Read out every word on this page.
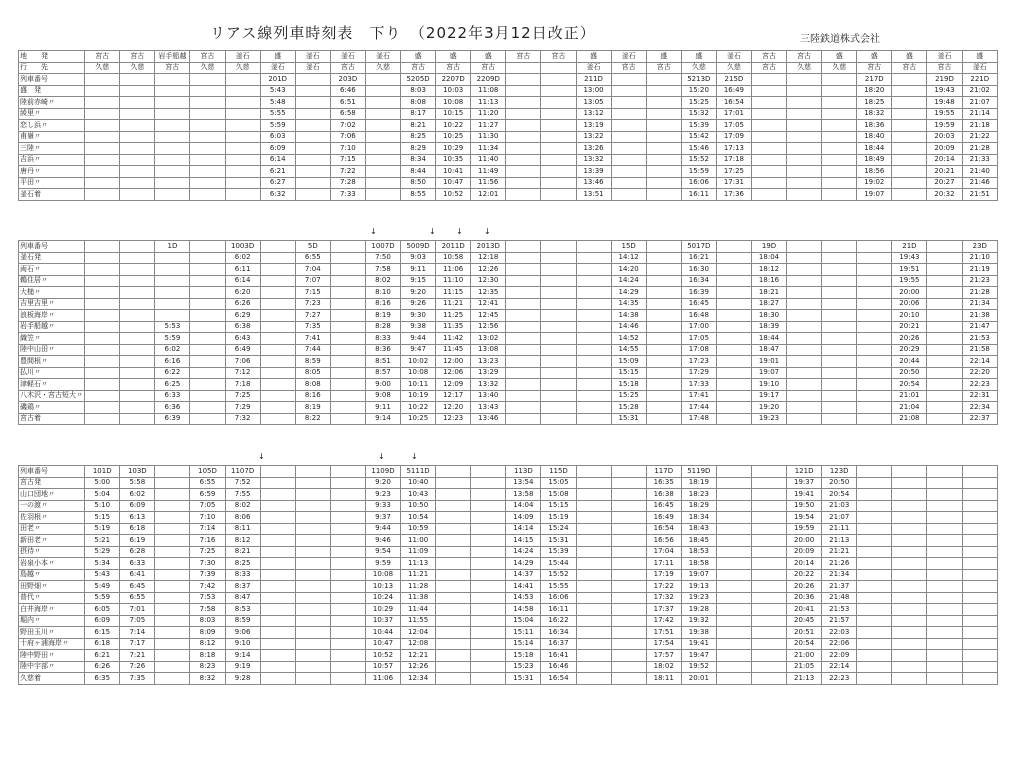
リアス線列車時刻表　下り　（2022年3月12日改正）	三陸鉄道株式会社
地　　発	宮古	宮古	岩手船越	宮古	釜石	盛	釜石	釜石	釜石	盛	盛	盛	宮古	宮古	盛	釜石	盛	盛	釜石	宮古	宮古	盛	盛	盛	釜石	盛
行　　先	久慈	久慈	宮古	久慈	久慈	釜石	釜石	宮古	久慈	宮古	宮古	宮古			釜石	宮古	宮古	久慈	久慈	宮古	久慈	久慈	宮古	宮古	宮古	釜石
列車番号						201D		203D		5205D	2207D	2209D			211D			5213D	215D				217D		219D	221D
盛　発						5:43		6:46		8:03	10:03	11:08			13:00			15:20	16:49				18:20		19:43	21:02
陸前赤崎〃						5:48		6:51		8:08	10:08	11:13			13:05			15:25	16:54				18:25		19:48	21:07
綾里〃						5:55		6:58		8:17	10:15	11:20			13:12			15:32	17:01				18:32		19:55	21:14
恋し浜〃						5:59		7:02		8:21	10:22	11:27			13:19			15:39	17:05				18:36		19:59	21:18
甫嶺〃						6:03		7:06		8:25	10:25	11:30			13:22			15:42	17:09				18:40		20:03	21:22
三陸〃						6:09		7:10		8:29	10:29	11:34			13:26			15:46	17:13				18:44		20:09	21:28
吉浜〃						6:14		7:15		8:34	10:35	11:40			13:32			15:52	17:18				18:49		20:14	21:33
唐丹〃						6:21		7:22		8:44	10:41	11:49			13:39			15:59	17:25				18:56		20:21	21:40
平田〃						6:27		7:28		8:50	10:47	11:56			13:46			16:06	17:31				19:02		20:27	21:46
釜石着						6:32		7:33		8:55	10:52	12:01			13:51			16:11	17:36				19:07		20:32	21:51
↓	↓	↓	↓
列車番号			1D		1003D		5D		1007D	5009D	2011D	2013D				15D		5017D		19D				21D		23D
釜石発					6:02		6:55		7:50	9:03	10:58	12:18				14:12		16:21		18:04				19:43		21:10
両石〃					6:11		7:04		7:58	9:11	11:06	12:26				14:20		16:30		18:12				19:51		21:19
鵜住居〃					6:14		7:07		8:02	9:15	11:10	12:30				14:24		16:34		18:16				19:55		21:23
大槌〃					6:20		7:15		8:10	9:20	11:15	12:35				14:29		16:39		18:21				20:00		21:28
吉里吉里〃					6:26		7:23		8:16	9:26	11:21	12:41				14:35		16:45		18:27				20:06		21:34
浪板海岸〃					6:29		7:27		8:19	9:30	11:25	12:45				14:38		16:48		18:30				20:10		21:38
岩手船越〃			5:53		6:38		7:35		8:28	9:38	11:35	12:56				14:46		17:00		18:39				20:21		21:47
織笠〃			5:59		6:43		7:41		8:33	9:44	11:42	13:02				14:52		17:05		18:44				20:26		21:53
陸中山田〃			6:02		6:49		7:44		8:36	9:47	11:45	13:08				14:55		17:08		18:47				20:29		21:58
豊間根〃			6:16		7:06		8:59		8:51	10:02	12:00	13:23				15:09		17:23		19:01				20:44		22:14
払川〃			6:22		7:12		8:05		8:57	10:08	12:06	13:29				15:15		17:29		19:07				20:50		22:20
津軽石〃			6:25		7:18		8:08		9:00	10:11	12:09	13:32				15:18		17:33		19:10				20:54		22:23
八木沢・宮古短大〃			6:33		7:25		8:16		9:08	10:19	12:17	13:40				15:25		17:41		19:17				21:01		22:31
磯鶏〃			6:36		7:29		8:19		9:11	10:22	12:20	13:43				15:28		17:44		19:20				21:04		22:34
宮古着			6:39		7:32		8:22		9:14	10:25	12:23	13:46				15:31		17:48		19:23				21:08		22:37
↓	↓	↓
列車番号	101D	103D		105D	1107D				1109D	5111D			113D	115D			117D	5119D			121D	123D				
宮古発	5:00	5:58		6:55	7:52				9:20	10:40			13:54	15:05			16:35	18:19			19:37	20:50				
山口団地〃	5:04	6:02		6:59	7:55				9:23	10:43			13:58	15:08			16:38	18:23			19:41	20:54				
一の渡〃	5:10	6:09		7:05	8:02				9:33	10:50			14:04	15:15			16:45	18:29			19:50	21:03				
佐羽根〃	5:15	6:13		7:10	8:06				9:37	10:54			14:09	15:19			16:49	18:34			19:54	21:07				
田老〃	5:19	6:18		7:14	8:11				9:44	10:59			14:14	15:24			16:54	18:43			19:59	21:11				
新田老〃	5:21	6:19		7:16	8:12				9:46	11:00			14:15	15:31			16:56	18:45			20:00	21:13				
摂待〃	5:29	6:28		7:25	8:21				9:54	11:09			14:24	15:39			17:04	18:53			20:09	21:21				
岩泉小本〃	5:34	6:33		7:30	8:25				9:59	11:13			14:29	15:44			17:11	18:58			20:14	21:26				
島越〃	5:43	6:41		7:39	8:33				10:08	11:21			14:37	15:52			17:19	19:07			20:22	21:34				
田野畑〃	5:49	6:45		7:42	8:37				10:13	11:28			14:41	15:55			17:22	19:13			20:26	21:37				
普代〃	5:59	6:55		7:53	8:47				10:24	11:38			14:53	16:06			17:32	19:23			20:36	21:48				
白井海岸〃	6:05	7:01		7:58	8:53				10:29	11:44			14:58	16:11			17:37	19:28			20:41	21:53				
堀内〃	6:09	7:05		8:03	8:59				10:37	11:55			15:04	16:22			17:42	19:32			20:45	21:57				
野田玉川〃	6:15	7:14		8:09	9:06				10:44	12:04			15:11	16:34			17:51	19:38			20:51	22:03				
十府ヶ浦海岸〃	6:18	7:17		8:12	9:10				10:47	12:08			15:14	16:37			17:54	19:41			20:54	22:06				
陸中野田〃	6:21	7:21		8:18	9:14				10:52	12:21			15:18	16:41			17:57	19:47			21:00	22:09				
陸中宇部〃	6:26	7:26		8:23	9:19				10:57	12:26			15:23	16:46			18:02	19:52			21:05	22:14				
久慈着	6:35	7:35		8:32	9:28				11:06	12:34			15:31	16:54			18:11	20:01			21:13	22:23				
